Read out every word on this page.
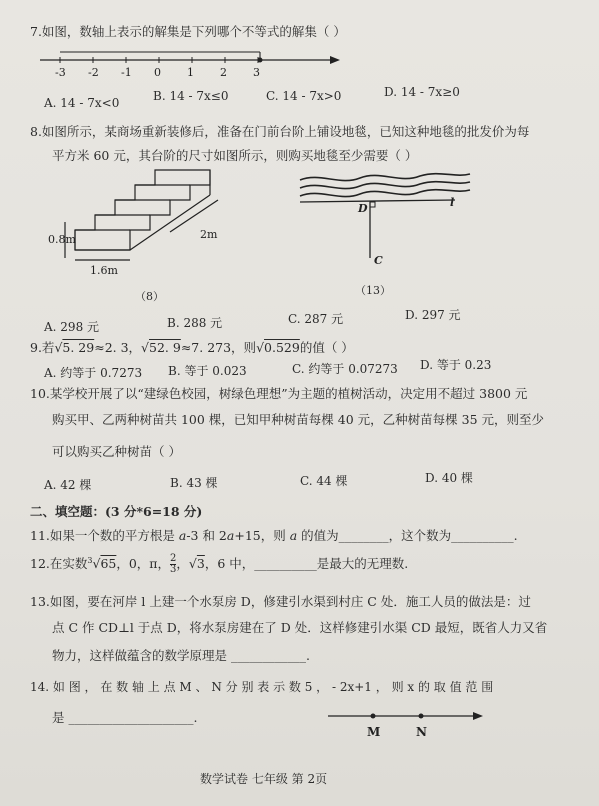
7.如图，数轴上表示的解集是下列哪个不等式的解集（ ）
-3 -2 -1 0 1 2 3
A. 14 - 7x<0	B. 14 - 7x≤0	C. 14 - 7x>0	D. 14 - 7x≥0
8.如图所示，某商场重新装修后，准备在门前台阶上铺设地毯，已知这种地毯的批发价为每
平方米 60 元，其台阶的尺寸如图所示，则购买地毯至少需要（ ）
0.8m	2m
1.6m
（8）
D	l
C
（13）
A. 298 元	B. 288 元	C. 287 元	D. 297 元
9.若√5. 29≈2. 3，√52. 9≈7. 273，则√0.529的值（ ）
A. 约等于 0.7273 B. 等于 0.023	C. 约等于 0.07273 D. 等于 0.23
10.某学校开展了以“建绿色校园，树绿色理想”为主题的植树活动，决定用不超过 3800 元
购买甲、乙两种树苗共 100 棵，已知甲种树苗每棵 40 元，乙种树苗每棵 35 元，则至少
可以购买乙种树苗（ ）
A. 42 棵	B. 43 棵	C. 44 棵	D. 40 棵
二、填空题：(3 分*6=18 分)
11.如果一个数的平方根是 a-3 和 2a+15，则 a 的值为________，这个数为__________.
12.在实数$^3$√65，0，π， $\frac{2}{3}$ ，√3，6 中，__________是最大的无理数.
13.如图，要在河岸 l 上建一个水泵房 D，修建引水渠到村庄 C 处．施工人员的做法是：过
点 C 作 CD⊥l 于点 D，将水泵房建在了 D 处．这样修建引水渠 CD 最短，既省人力又省
物力，这样做蕴含的数学原理是 ____________.
14. 如 图 ， 在 数 轴 上 点 M 、 N 分 别 表 示 数 5 ， - 2x+1 ， 则 x 的 取 值 范 围
是 ____________________.
M	N
数学试卷 七年级 第 2页
